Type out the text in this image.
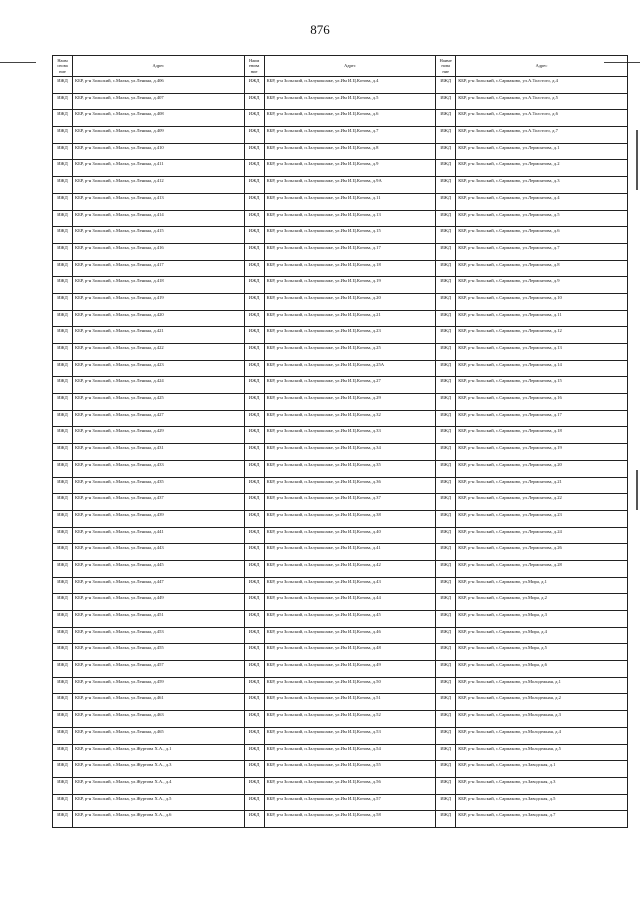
876
Наим сновa ние	Адрес	Наим енова ние	Адрес	Наиме нова ние	Адрес
ИЖД	КБР, р-н Зольский, с.Малка, ул.Ленина, д.406	ИЖД	КБР, р-н Зольский, п.Залукокоаже, ул.Им И.Ц.Котова, д.4	ИЖД	КБР, р-н Зольский, с.Сармаково, ул.А.Толстого, д.4
ИЖД	КБР, р-н Зольский, с.Малка, ул.Ленина, д.407	ИЖД	КБР, р-н Зольский, п.Залукокоаже, ул.Им И.Ц.Котова, д.5	ИЖД	КБР, р-н Зольский, с.Сармаково, ул.А.Толстого, д.5
ИЖД	КБР, р-н Зольский, с.Малка, ул.Ленина, д.408	ИЖД	КБР, р-н Зольский, п.Залукокоаже, ул.Им И.Ц.Котова, д.6	ИЖД	КБР, р-н Зольский, с.Сармаково, ул.А.Толстого, д.6
ИЖД	КБР, р-н Зольский, с.Малка, ул.Ленина, д.409	ИЖД	КБР, р-н Зольский, п.Залукокоаже, ул.Им И.Ц.Котова, д.7	ИЖД	КБР, р-н Зольский, с.Сармаково, ул.А.Толстого, д.7
ИЖД	КБР, р-н Зольский, с.Малка, ул.Ленина, д.410	ИЖД	КБР, р-н Зольский, п.Залукокоаже, ул.Им И.Ц.Котова, д.8	ИЖД	КБР, р-н Зольский, с.Сармаково, ул.Лермонтова, д.1
ИЖД	КБР, р-н Зольский, с.Малка, ул.Ленина, д.411	ИЖД	КБР, р-н Зольский, п.Залукокоаже, ул.Им И.Ц.Котова, д.9	ИЖД	КБР, р-н Зольский, с.Сармаково, ул.Лермонтова, д.2
ИЖД	КБР, р-н Зольский, с.Малка, ул.Ленина, д.412	ИЖД	КБР, р-н Зольский, п.Залукокоаже, ул.Им И.Ц.Котова, д.9А	ИЖД	КБР, р-н Зольский, с.Сармаково, ул.Лермонтова, д.3
ИЖД	КБР, р-н Зольский, с.Малка, ул.Ленина, д.413	ИЖД	КБР, р-н Зольский, п.Залукокоаже, ул.Им И.Ц.Котова, д.11	ИЖД	КБР, р-н Зольский, с.Сармаково, ул.Лермонтова, д.4
ИЖД	КБР, р-н Зольский, с.Малка, ул.Ленина, д.414	ИЖД	КБР, р-н Зольский, п.Залукокоаже, ул.Им И.Ц.Котова, д.13	ИЖД	КБР, р-н Зольский, с.Сармаково, ул.Лермонтова, д.5
ИЖД	КБР, р-н Зольский, с.Малка, ул.Ленина, д.415	ИЖД	КБР, р-н Зольский, п.Залукокоаже, ул.Им И.Ц.Котова, д.15	ИЖД	КБР, р-н Зольский, с.Сармаково, ул.Лермонтова, д.6
ИЖД	КБР, р-н Зольский, с.Малка, ул.Ленина, д.416	ИЖД	КБР, р-н Зольский, п.Залукокоаже, ул.Им И.Ц.Котова, д.17	ИЖД	КБР, р-н Зольский, с.Сармаково, ул.Лермонтова, д.7
ИЖД	КБР, р-н Зольский, с.Малка, ул.Ленина, д.417	ИЖД	КБР, р-н Зольский, п.Залукокоаже, ул.Им И.Ц.Котова, д.18	ИЖД	КБР, р-н Зольский, с.Сармаково, ул.Лермонтова, д.8
ИЖД	КБР, р-н Зольский, с.Малка, ул.Ленина, д.418	ИЖД	КБР, р-н Зольский, п.Залукокоаже, ул.Им И.Ц.Котова, д.19	ИЖД	КБР, р-н Зольский, с.Сармаково, ул.Лермонтова, д.9
ИЖД	КБР, р-н Зольский, с.Малка, ул.Ленина, д.419	ИЖД	КБР, р-н Зольский, п.Залукокоаже, ул.Им И.Ц.Котова, д.20	ИЖД	КБР, р-н Зольский, с.Сармаково, ул.Лермонтова, д.10
ИЖД	КБР, р-н Зольский, с.Малка, ул.Ленина, д.420	ИЖД	КБР, р-н Зольский, п.Залукокоаже, ул.Им И.Ц.Котова, д.21	ИЖД	КБР, р-н Зольский, с.Сармаково, ул.Лермонтова, д.11
ИЖД	КБР, р-н Зольский, с.Малка, ул.Ленина, д.421	ИЖД	КБР, р-н Зольский, п.Залукокоаже, ул.Им И.Ц.Котова, д.23	ИЖД	КБР, р-н Зольский, с.Сармаково, ул.Лермонтова, д.12
ИЖД	КБР, р-н Зольский, с.Малка, ул.Ленина, д.422	ИЖД	КБР, р-н Зольский, п.Залукокоаже, ул.Им И.Ц.Котова, д.25	ИЖД	КБР, р-н Зольский, с.Сармаково, ул.Лермонтова, д.13
ИЖД	КБР, р-н Зольский, с.Малка, ул.Ленина, д.423	ИЖД	КБР, р-н Зольский, п.Залукокоаже, ул.Им И.Ц.Котова, д.25А	ИЖД	КБР, р-н Зольский, с.Сармаково, ул.Лермонтова, д.14
ИЖД	КБР, р-н Зольский, с.Малка, ул.Ленина, д.424	ИЖД	КБР, р-н Зольский, п.Залукокоаже, ул.Им И.Ц.Котова, д.27	ИЖД	КБР, р-н Зольский, с.Сармаково, ул.Лермонтова, д.15
ИЖД	КБР, р-н Зольский, с.Малка, ул.Ленина, д.425	ИЖД	КБР, р-н Зольский, п.Залукокоаже, ул.Им И.Ц.Котова, д.29	ИЖД	КБР, р-н Зольский, с.Сармаково, ул.Лермонтова, д.16
ИЖД	КБР, р-н Зольский, с.Малка, ул.Ленина, д.427	ИЖД	КБР, р-н Зольский, п.Залукокоаже, ул.Им И.Ц.Котова, д.32	ИЖД	КБР, р-н Зольский, с.Сармаково, ул.Лермонтова, д.17
ИЖД	КБР, р-н Зольский, с.Малка, ул.Ленина, д.429	ИЖД	КБР, р-н Зольский, п.Залукокоаже, ул.Им И.Ц.Котова, д.33	ИЖД	КБР, р-н Зольский, с.Сармаково, ул.Лермонтова, д.18
ИЖД	КБР, р-н Зольский, с.Малка, ул.Ленина, д.431	ИЖД	КБР, р-н Зольский, п.Залукокоаже, ул.Им И.Ц.Котова, д.34	ИЖД	КБР, р-н Зольский, с.Сармаково, ул.Лермонтова, д.19
ИЖД	КБР, р-н Зольский, с.Малка, ул.Ленина, д.433	ИЖД	КБР, р-н Зольский, п.Залукокоаже, ул.Им И.Ц.Котова, д.35	ИЖД	КБР, р-н Зольский, с.Сармаково, ул.Лермонтова, д.20
ИЖД	КБР, р-н Зольский, с.Малка, ул.Ленина, д.435	ИЖД	КБР, р-н Зольский, п.Залукокоаже, ул.Им И.Ц.Котова, д.36	ИЖД	КБР, р-н Зольский, с.Сармаково, ул.Лермонтова, д.21
ИЖД	КБР, р-н Зольский, с.Малка, ул.Ленина, д.437	ИЖД	КБР, р-н Зольский, п.Залукокоаже, ул.Им И.Ц.Котова, д.37	ИЖД	КБР, р-н Зольский, с.Сармаково, ул.Лермонтова, д.22
ИЖД	КБР, р-н Зольский, с.Малка, ул.Ленина, д.439	ИЖД	КБР, р-н Зольский, п.Залукокоаже, ул.Им И.Ц.Котова, д.38	ИЖД	КБР, р-н Зольский, с.Сармаково, ул.Лермонтова, д.23
ИЖД	КБР, р-н Зольский, с.Малка, ул.Ленина, д.441	ИЖД	КБР, р-н Зольский, п.Залукокоаже, ул.Им И.Ц.Котова, д.40	ИЖД	КБР, р-н Зольский, с.Сармаково, ул.Лермонтова, д.24
ИЖД	КБР, р-н Зольский, с.Малка, ул.Ленина, д.443	ИЖД	КБР, р-н Зольский, п.Залукокоаже, ул.Им И.Ц.Котова, д.41	ИЖД	КБР, р-н Зольский, с.Сармаково, ул.Лермонтова, д.26
ИЖД	КБР, р-н Зольский, с.Малка, ул.Ленина, д.445	ИЖД	КБР, р-н Зольский, п.Залукокоаже, ул.Им И.Ц.Котова, д.42	ИЖД	КБР, р-н Зольский, с.Сармаково, ул.Лермонтова, д.28
ИЖД	КБР, р-н Зольский, с.Малка, ул.Ленина, д.447	ИЖД	КБР, р-н Зольский, п.Залукокоаже, ул.Им И.Ц.Котова, д.43	ИЖД	КБР, р-н Зольский, с.Сармаково, ул.Мира, д.1
ИЖД	КБР, р-н Зольский, с.Малка, ул.Ленина, д.449	ИЖД	КБР, р-н Зольский, п.Залукокоаже, ул.Им И.Ц.Котова, д.44	ИЖД	КБР, р-н Зольский, с.Сармаково, ул.Мира, д.2
ИЖД	КБР, р-н Зольский, с.Малка, ул.Ленина, д.451	ИЖД	КБР, р-н Зольский, п.Залукокоаже, ул.Им И.Ц.Котова, д.45	ИЖД	КБР, р-н Зольский, с.Сармаково, ул.Мира, д.3
ИЖД	КБР, р-н Зольский, с.Малка, ул.Ленина, д.453	ИЖД	КБР, р-н Зольский, п.Залукокоаже, ул.Им И.Ц.Котова, д.46	ИЖД	КБР, р-н Зольский, с.Сармаково, ул.Мира, д.4
ИЖД	КБР, р-н Зольский, с.Малка, ул.Ленина, д.455	ИЖД	КБР, р-н Зольский, п.Залукокоаже, ул.Им И.Ц.Котова, д.48	ИЖД	КБР, р-н Зольский, с.Сармаково, ул.Мира, д.5
ИЖД	КБР, р-н Зольский, с.Малка, ул.Ленина, д.457	ИЖД	КБР, р-н Зольский, п.Залукокоаже, ул.Им И.Ц.Котова, д.49	ИЖД	КБР, р-н Зольский, с.Сармаково, ул.Мира, д.6
ИЖД	КБР, р-н Зольский, с.Малка, ул.Ленина, д.459	ИЖД	КБР, р-н Зольский, п.Залукокоаже, ул.Им И.Ц.Котова, д.50	ИЖД	КБР, р-н Зольский, с.Сармаково, ул.Молодежная, д.1
ИЖД	КБР, р-н Зольский, с.Малка, ул.Ленина, д.461	ИЖД	КБР, р-н Зольский, п.Залукокоаже, ул.Им И.Ц.Котова, д.51	ИЖД	КБР, р-н Зольский, с.Сармаково, ул.Молодежная, д.2
ИЖД	КБР, р-н Зольский, с.Малка, ул.Ленина, д.463	ИЖД	КБР, р-н Зольский, п.Залукокоаже, ул.Им И.Ц.Котова, д.52	ИЖД	КБР, р-н Зольский, с.Сармаково, ул.Молодежная, д.3
ИЖД	КБР, р-н Зольский, с.Малка, ул.Ленина, д.465	ИЖД	КБР, р-н Зольский, п.Залукокоаже, ул.Им И.Ц.Котова, д.53	ИЖД	КБР, р-н Зольский, с.Сармаково, ул.Молодежная, д.4
ИЖД	КБР, р-н Зольский, с.Малка, ул.Журтова Х.А., д.1	ИЖД	КБР, р-н Зольский, п.Залукокоаже, ул.Им И.Ц.Котова, д.54	ИЖД	КБР, р-н Зольский, с.Сармаково, ул.Молодежная, д.5
ИЖД	КБР, р-н Зольский, с.Малка, ул.Журтова Х.А., д.3	ИЖД	КБР, р-н Зольский, п.Залукокоаже, ул.Им И.Ц.Котова, д.55	ИЖД	КБР, р-н Зольский, с.Сармаково, ул.Заводская, д.1
ИЖД	КБР, р-н Зольский, с.Малка, ул.Журтова Х.А., д.4	ИЖД	КБР, р-н Зольский, п.Залукокоаже, ул.Им И.Ц.Котова, д.56	ИЖД	КБР, р-н Зольский, с.Сармаково, ул.Заводская, д.3
ИЖД	КБР, р-н Зольский, с.Малка, ул.Журтова Х.А., д.5	ИЖД	КБР, р-н Зольский, п.Залукокоаже, ул.Им И.Ц.Котова, д.57	ИЖД	КБР, р-н Зольский, с.Сармаково, ул.Заводская, д.5
ИЖД	КБР, р-н Зольский, с.Малка, ул.Журтова Х.А., д.6	ИЖД	КБР, р-н Зольский, п.Залукокоаже, ул.Им И.Ц.Котова, д.58	ИЖД	КБР, р-н Зольский, с.Сармаково, ул.Заводская, д.7
